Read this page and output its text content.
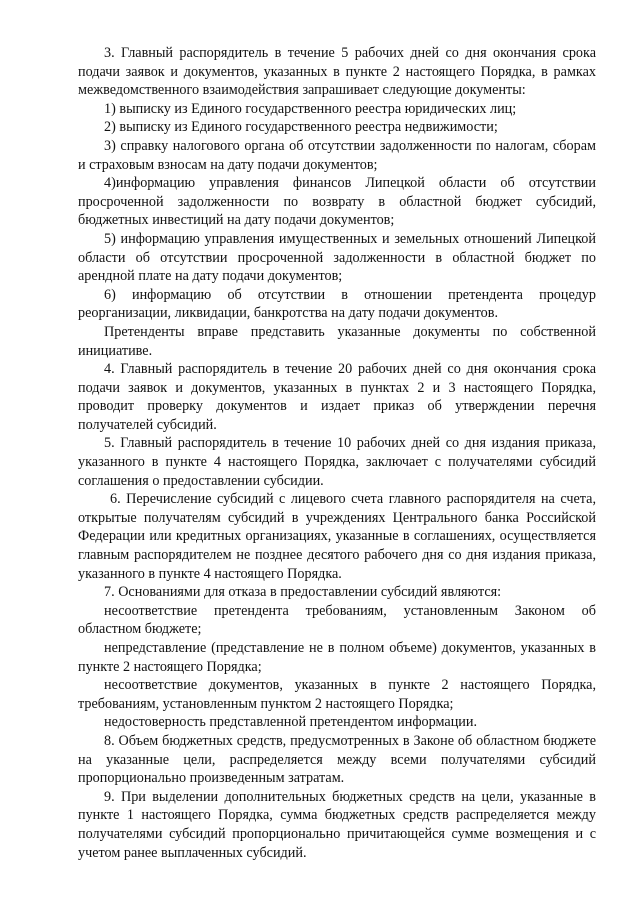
3. Главный распорядитель в течение 5 рабочих дней со дня окончания срока подачи заявок и документов, указанных в пункте 2 настоящего Порядка, в рамках межведомственного взаимодействия запрашивает следующие документы:

1) выписку из Единого государственного реестра юридических лиц;

2) выписку из Единого государственного реестра недвижимости;

3) справку налогового органа об отсутствии задолженности по налогам, сборам и страховым взносам на дату подачи документов;

4)информацию управления финансов Липецкой области об отсутствии просроченной задолженности по возврату в областной бюджет субсидий, бюджетных инвестиций на дату подачи документов;

5) информацию управления имущественных и земельных отношений Липецкой области об отсутствии просроченной задолженности в областной бюджет по арендной плате на дату подачи документов;

6) информацию об отсутствии в отношении претендента процедур реорганизации, ликвидации, банкротства на дату подачи документов.

Претенденты вправе представить указанные документы по собственной инициативе.

4. Главный распорядитель в течение 20 рабочих дней со дня окончания срока подачи заявок и документов, указанных в пунктах 2 и 3 настоящего Порядка, проводит проверку документов и издает приказ об утверждении перечня получателей субсидий.

5. Главный распорядитель в течение 10 рабочих дней со дня издания приказа, указанного в пункте 4 настоящего Порядка, заключает с получателями субсидий соглашения о предоставлении субсидии.

6. Перечисление субсидий с лицевого счета главного распорядителя на счета, открытые получателям субсидий в учреждениях Центрального банка Российской Федерации или кредитных организациях, указанные в соглашениях, осуществляется главным распорядителем не позднее десятого рабочего дня со дня издания приказа, указанного в пункте 4 настоящего Порядка.

7. Основаниями для отказа в предоставлении субсидий являются:

несоответствие претендента требованиям, установленным Законом об областном бюджете;

непредставление (представление не в полном объеме) документов, указанных в пункте 2 настоящего Порядка;

несоответствие документов, указанных в пункте 2 настоящего Порядка, требованиям, установленным пунктом 2 настоящего Порядка;

недостоверность представленной претендентом информации.

8. Объем бюджетных средств, предусмотренных в Законе об областном бюджете на указанные цели, распределяется между всеми получателями субсидий пропорционально произведенным затратам.

9. При выделении дополнительных бюджетных средств на цели, указанные в пункте 1 настоящего Порядка, сумма бюджетных средств распределяется между получателями субсидий пропорционально причитающейся сумме возмещения и с учетом ранее выплаченных субсидий.
